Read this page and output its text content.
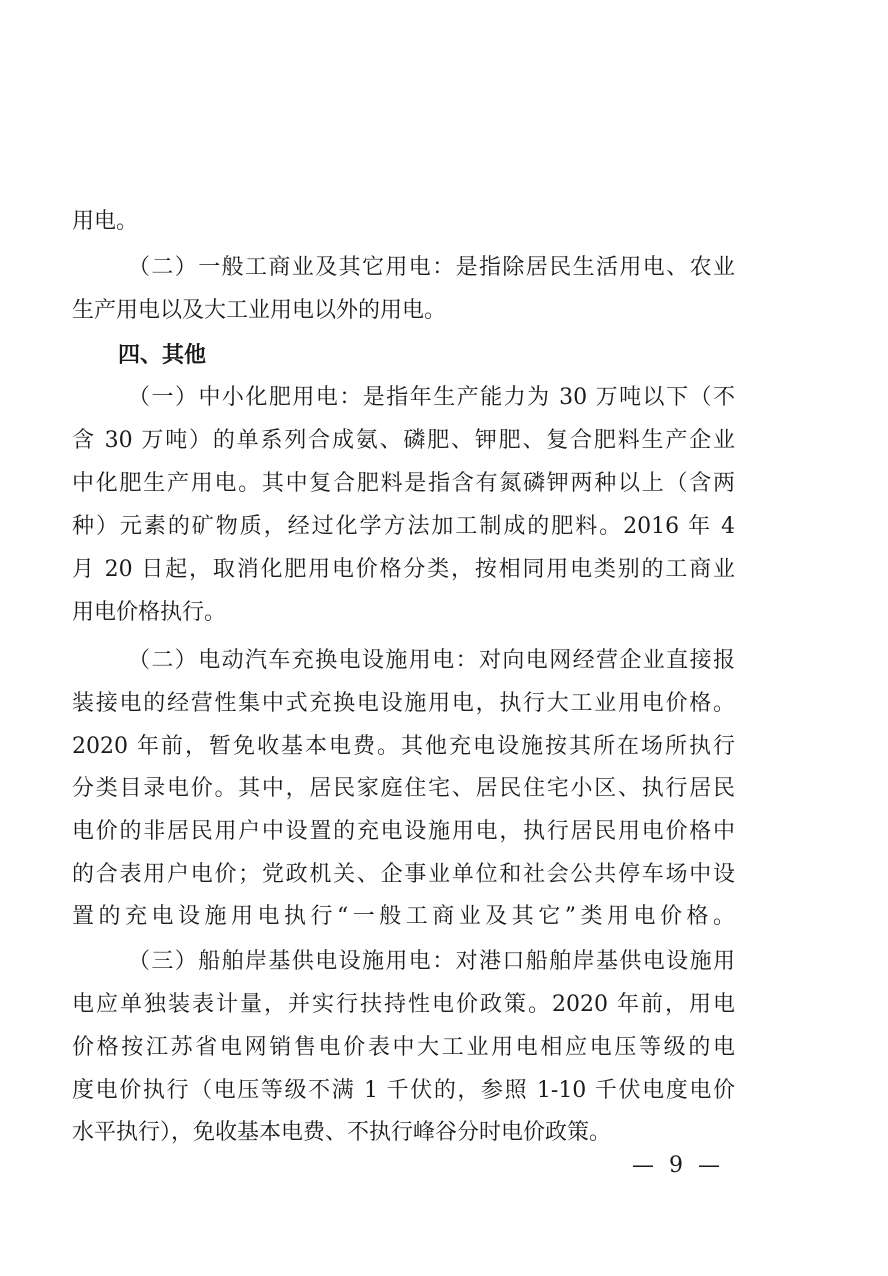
用电。
（二）一般工商业及其它用电：是指除居民生活用电、农业
生产用电以及大工业用电以外的用电。
四、其他
（一）中小化肥用电：是指年生产能力为 30 万吨以下（不
含 30 万吨）的单系列合成氨、磷肥、钾肥、复合肥料生产企业
中化肥生产用电。其中复合肥料是指含有氮磷钾两种以上（含两
种）元素的矿物质，经过化学方法加工制成的肥料。2016 年 4
月 20 日起，取消化肥用电价格分类，按相同用电类别的工商业
用电价格执行。
（二）电动汽车充换电设施用电：对向电网经营企业直接报
装接电的经营性集中式充换电设施用电，执行大工业用电价格。
2020 年前，暂免收基本电费。其他充电设施按其所在场所执行
分类目录电价。其中，居民家庭住宅、居民住宅小区、执行居民
电价的非居民用户中设置的充电设施用电，执行居民用电价格中
的合表用户电价；党政机关、企事业单位和社会公共停车场中设
置的充电设施用电执行“一般工商业及其它”类用电价格。
（三）船舶岸基供电设施用电：对港口船舶岸基供电设施用
电应单独装表计量，并实行扶持性电价政策。2020 年前，用电
价格按江苏省电网销售电价表中大工业用电相应电压等级的电
度电价执行（电压等级不满 1 千伏的，参照 1-10 千伏电度电价
水平执行），免收基本电费、不执行峰谷分时电价政策。
— 9 —
